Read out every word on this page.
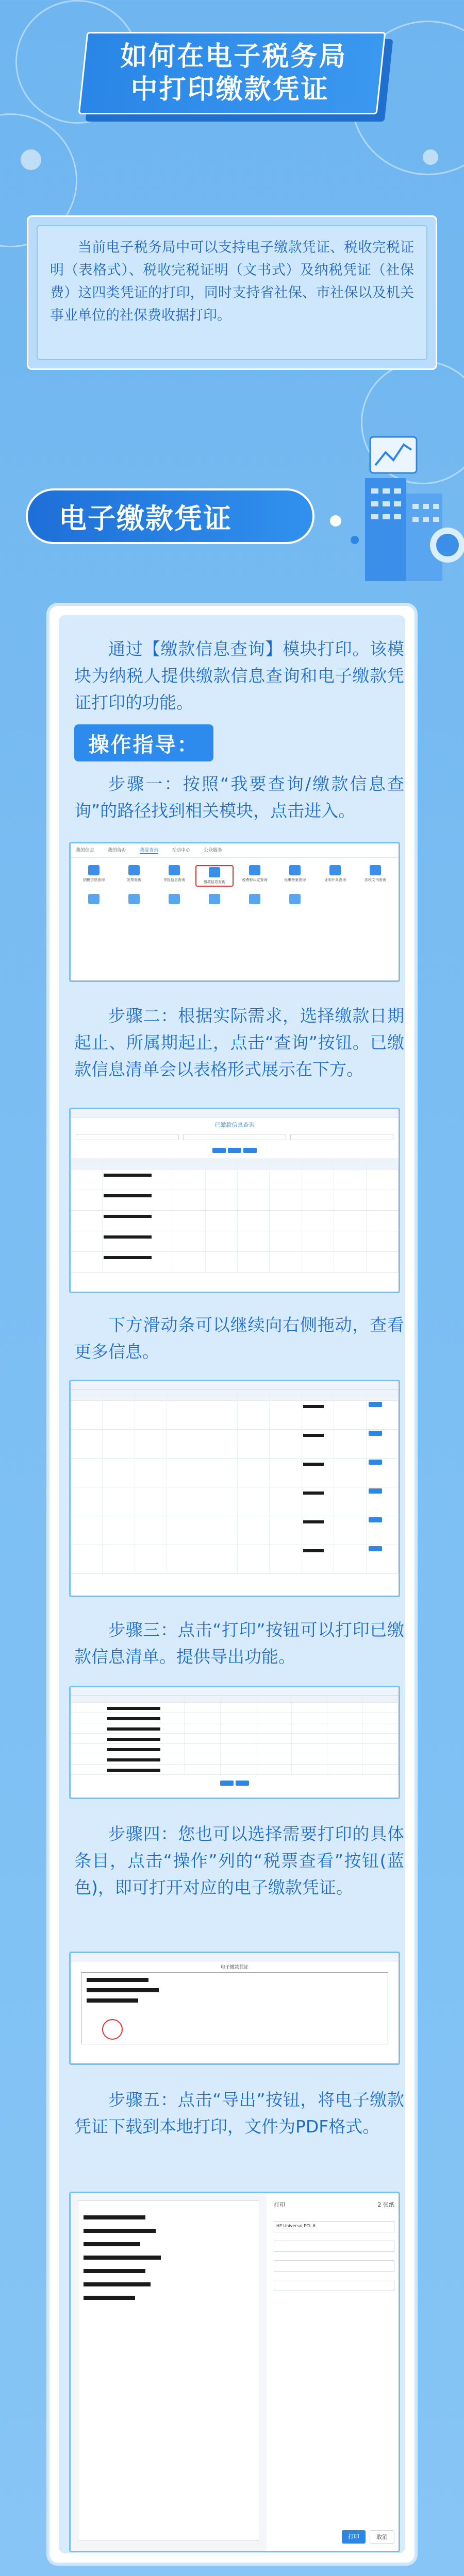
如何在电子税务局
中打印缴款凭证

当前电子税务局中可以支持电子缴款凭证、税收完税证明（表格式）、税收完税证明（文书式）及纳税凭证（社保费）这四类凭证的打印，同时支持省社保、市社保以及机关事业单位的社保费收据打印。

电子缴款凭证

通过【缴款信息查询】模块打印。该模块为纳税人提供缴款信息查询和电子缴款凭证打印的功能。

操作指导：

步骤一：按照“我要查询/缴款信息查询”的路径找到相关模块，点击进入。

我的信息	我的待办	我要查询	互动中心	公众服务
纳税信息查询	发票查询	申报信息查询	缴款信息查询	税费种认定查询	优惠备案查询	证明开具查询	涉税文书查询

步骤二：根据实际需求，选择缴款日期起止、所属期起止，点击“查询”按钮。已缴款信息清单会以表格形式展示在下方。

已缴款信息查询

下方滑动条可以继续向右侧拖动，查看更多信息。

步骤三：点击“打印”按钮可以打印已缴款信息清单。提供导出功能。

步骤四：您也可以选择需要打印的具体条目，点击“操作”列的“税票查看”按钮(蓝色)，即可打开对应的电子缴款凭证。

电子缴款凭证

步骤五：点击“导出”按钮，将电子缴款凭证下载到本地打印，文件为PDF格式。

打印	2 张纸
HP Universal PCL 6
打印	取消
